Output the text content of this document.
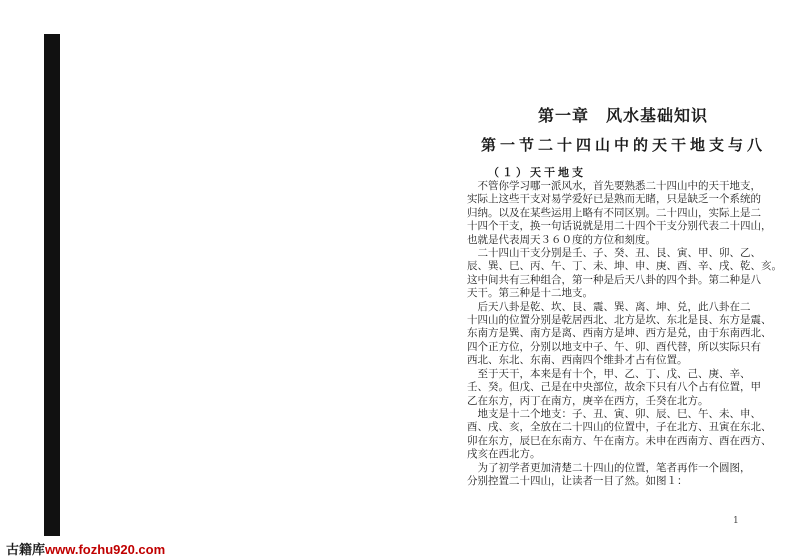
第一章　风水基础知识
第一节二十四山中的天干地支与八
（１）天干地支
　不管你学习哪一派风水，首先要熟悉二十四山中的天干地支，
实际上这些干支对易学爱好已是熟而无睹，只是缺乏一个系统的
归纳。以及在某些运用上略有不同区别。二十四山，实际上是二
十四个干支，换一句话说就是用二十四个干支分别代表二十四山，
也就是代表周天３６０度的方位和刻度。
　二十四山干支分别是壬、子、癸、丑、艮、寅、甲、卯、乙、
辰、巽、巳、丙、午、丁、未、坤、申、庚、酉、辛、戌、乾、亥。
这中间共有三种组合，第一种是后天八卦的四个卦。第二种是八
天干。第三种是十二地支。
　后天八卦是乾、坎、艮、震、巽、离、坤、兑，此八卦在二
十四山的位置分别是乾居西北、北方是坎、东北是艮、东方是震、
东南方是巽、南方是离、西南方是坤、西方是兑，由于东南西北、
四个正方位，分别以地支中子、午、卯、酉代替，所以实际只有
西北、东北、东南、西南四个维卦才占有位置。
　至于天干，本来是有十个，甲、乙、丁、戊、己、庚、辛、
壬、癸。但戊、己是在中央部位，故余下只有八个占有位置，甲
乙在东方，丙丁在南方，庚辛在西方，壬癸在北方。
　地支是十二个地支：子、丑、寅、卯、辰、巳、午、未、申、
酉、戌、亥，全放在二十四山的位置中，子在北方、丑寅在东北、
卯在东方，辰巳在东南方、午在南方。未申在西南方、酉在西方、
戌亥在西北方。
　为了初学者更加清楚二十四山的位置，笔者再作一个圆图，
分别控置二十四山，让读者一目了然。如图１：
1
古籍库www.fozhu920.com
